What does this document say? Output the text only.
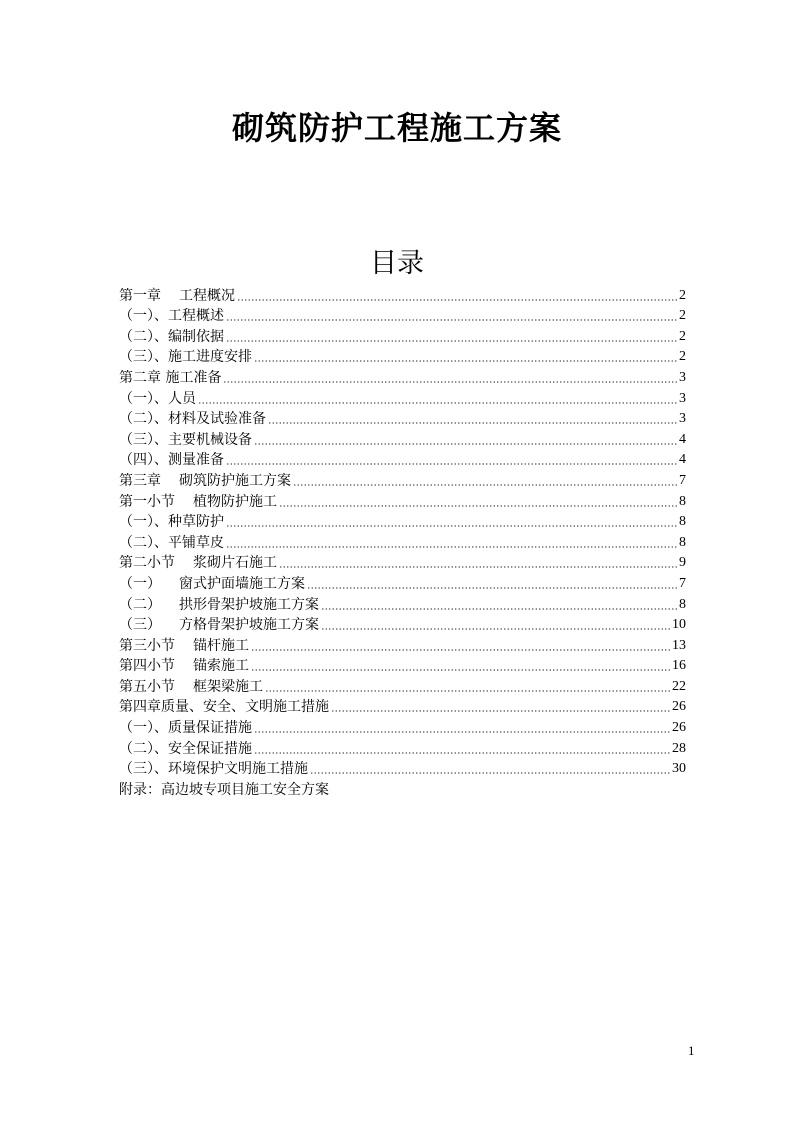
砌筑防护工程施工方案
目录
第一章 工程概况	2
（一）、工程概述	2
（二）、编制依据	2
（三）、施工进度安排	2
第二章 施工准备	3
（一）、人员	3
（二）、材料及试验准备	3
（三）、主要机械设备	4
（四）、测量准备	4
第三章 砌筑防护施工方案	7
第一小节 植物防护施工	8
（一）、种草防护	8
（二）、平铺草皮	8
第二小节 浆砌片石施工	9
（一） 窗式护面墙施工方案	7
（二） 拱形骨架护坡施工方案	8
（三） 方格骨架护坡施工方案	10
第三小节 锚杆施工	13
第四小节 锚索施工	16
第五小节 框架梁施工	22
第四章质量、安全、文明施工措施	26
（一）、质量保证措施	26
（二）、安全保证措施	28
（三）、环境保护文明施工措施	30
附录：高边坡专项目施工安全方案
1
